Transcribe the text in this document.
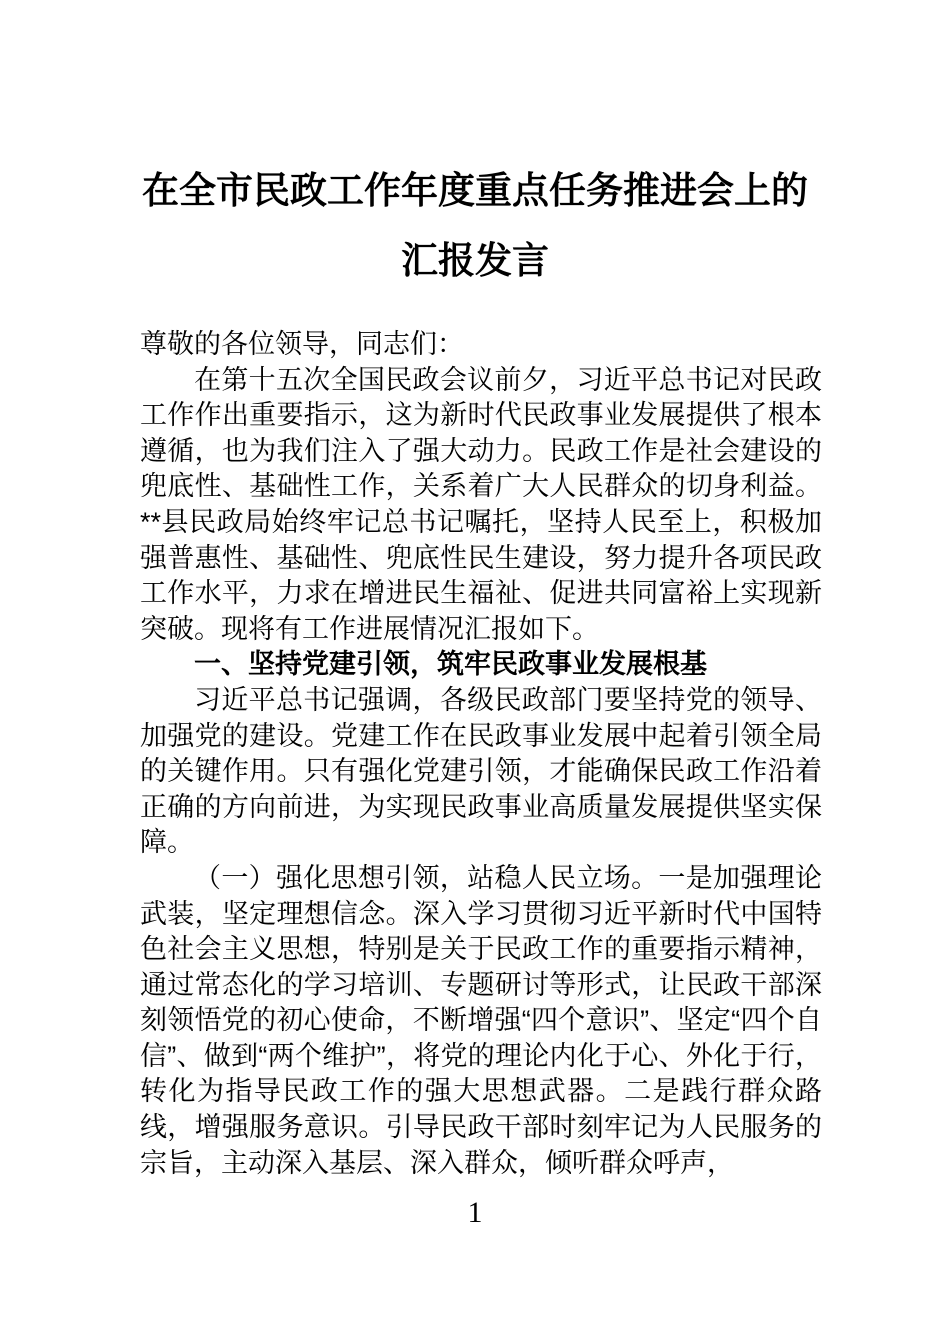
在全市民政工作年度重点任务推进会上的
汇报发言

尊敬的各位领导，同志们：

在第十五次全国民政会议前夕，习近平总书记对民政工作作出重要指示，这为新时代民政事业发展提供了根本遵循，也为我们注入了强大动力。民政工作是社会建设的兜底性、基础性工作，关系着广大人民群众的切身利益。**县民政局始终牢记总书记嘱托，坚持人民至上，积极加强普惠性、基础性、兜底性民生建设，努力提升各项民政工作水平，力求在增进民生福祉、促进共同富裕上实现新突破。现将有工作进展情况汇报如下。

一、坚持党建引领，筑牢民政事业发展根基

习近平总书记强调，各级民政部门要坚持党的领导、加强党的建设。党建工作在民政事业发展中起着引领全局的关键作用。只有强化党建引领，才能确保民政工作沿着正确的方向前进，为实现民政事业高质量发展提供坚实保障。

（一）强化思想引领，站稳人民立场。一是加强理论武装，坚定理想信念。深入学习贯彻习近平新时代中国特色社会主义思想，特别是关于民政工作的重要指示精神，通过常态化的学习培训、专题研讨等形式，让民政干部深刻领悟党的初心使命，不断增强“四个意识”、坚定“四个自信”、做到“两个维护”，将党的理论内化于心、外化于行，转化为指导民政工作的强大思想武器。二是践行群众路线，增强服务意识。引导民政干部时刻牢记为人民服务的宗旨，主动深入基层、深入群众，倾听群众呼声，

1
